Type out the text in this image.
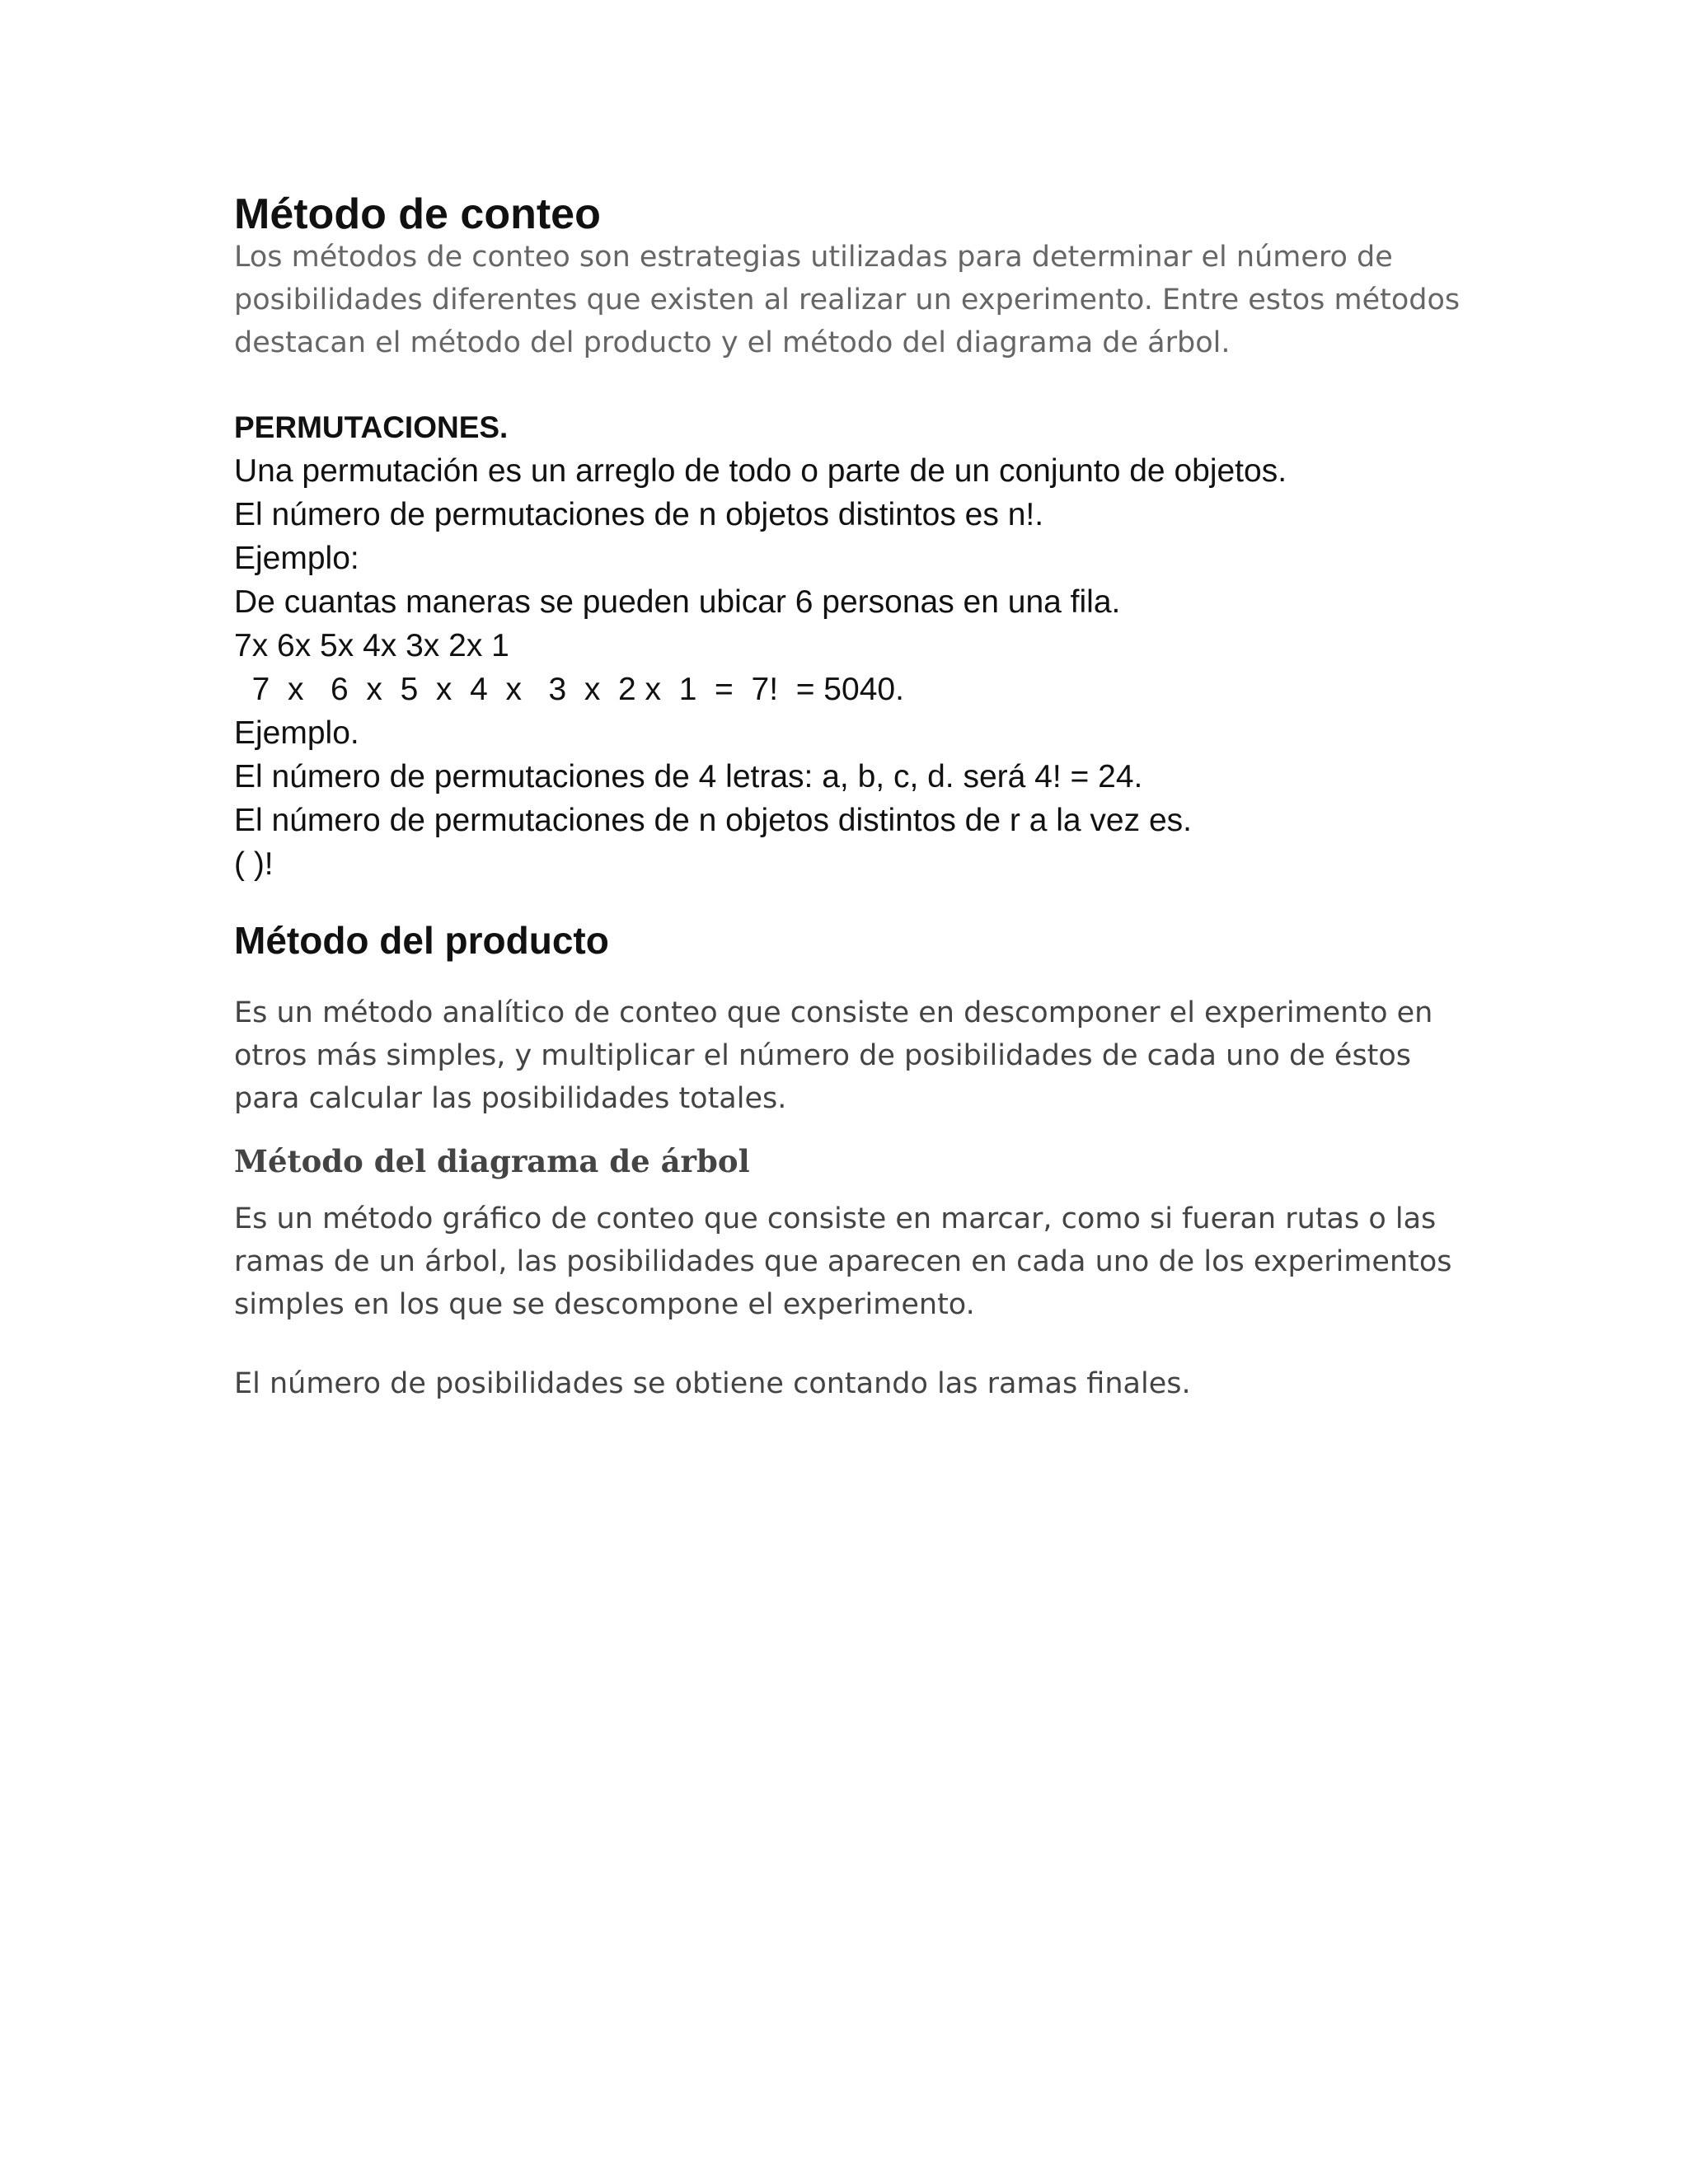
Método de conteo

Los métodos de conteo son estrategias utilizadas para determinar el número de

posibilidades diferentes que existen al realizar un experimento. Entre estos métodos

destacan el método del producto y el método del diagrama de árbol.

PERMUTACIONES.

Una permutación es un arreglo de todo o parte de un conjunto de objetos.

El número de permutaciones de n objetos distintos es n!.

Ejemplo:

De cuantas maneras se pueden ubicar 6 personas en una fila.

7x 6x 5x 4x 3x 2x 1

7  x   6  x  5  x  4  x   3  x  2 x  1  =  7!  = 5040.

Ejemplo.

El número de permutaciones de 4 letras: a, b, c, d. será 4! = 24.

El número de permutaciones de n objetos distintos de r a la vez es.

( )!

Método del producto

Es un método analítico de conteo que consiste en descomponer el experimento en

otros más simples, y multiplicar el número de posibilidades de cada uno de éstos

para calcular las posibilidades totales.

Método del diagrama de árbol

Es un método gráfico de conteo que consiste en marcar, como si fueran rutas o las

ramas de un árbol, las posibilidades que aparecen en cada uno de los experimentos

simples en los que se descompone el experimento.

El número de posibilidades se obtiene contando las ramas finales.
